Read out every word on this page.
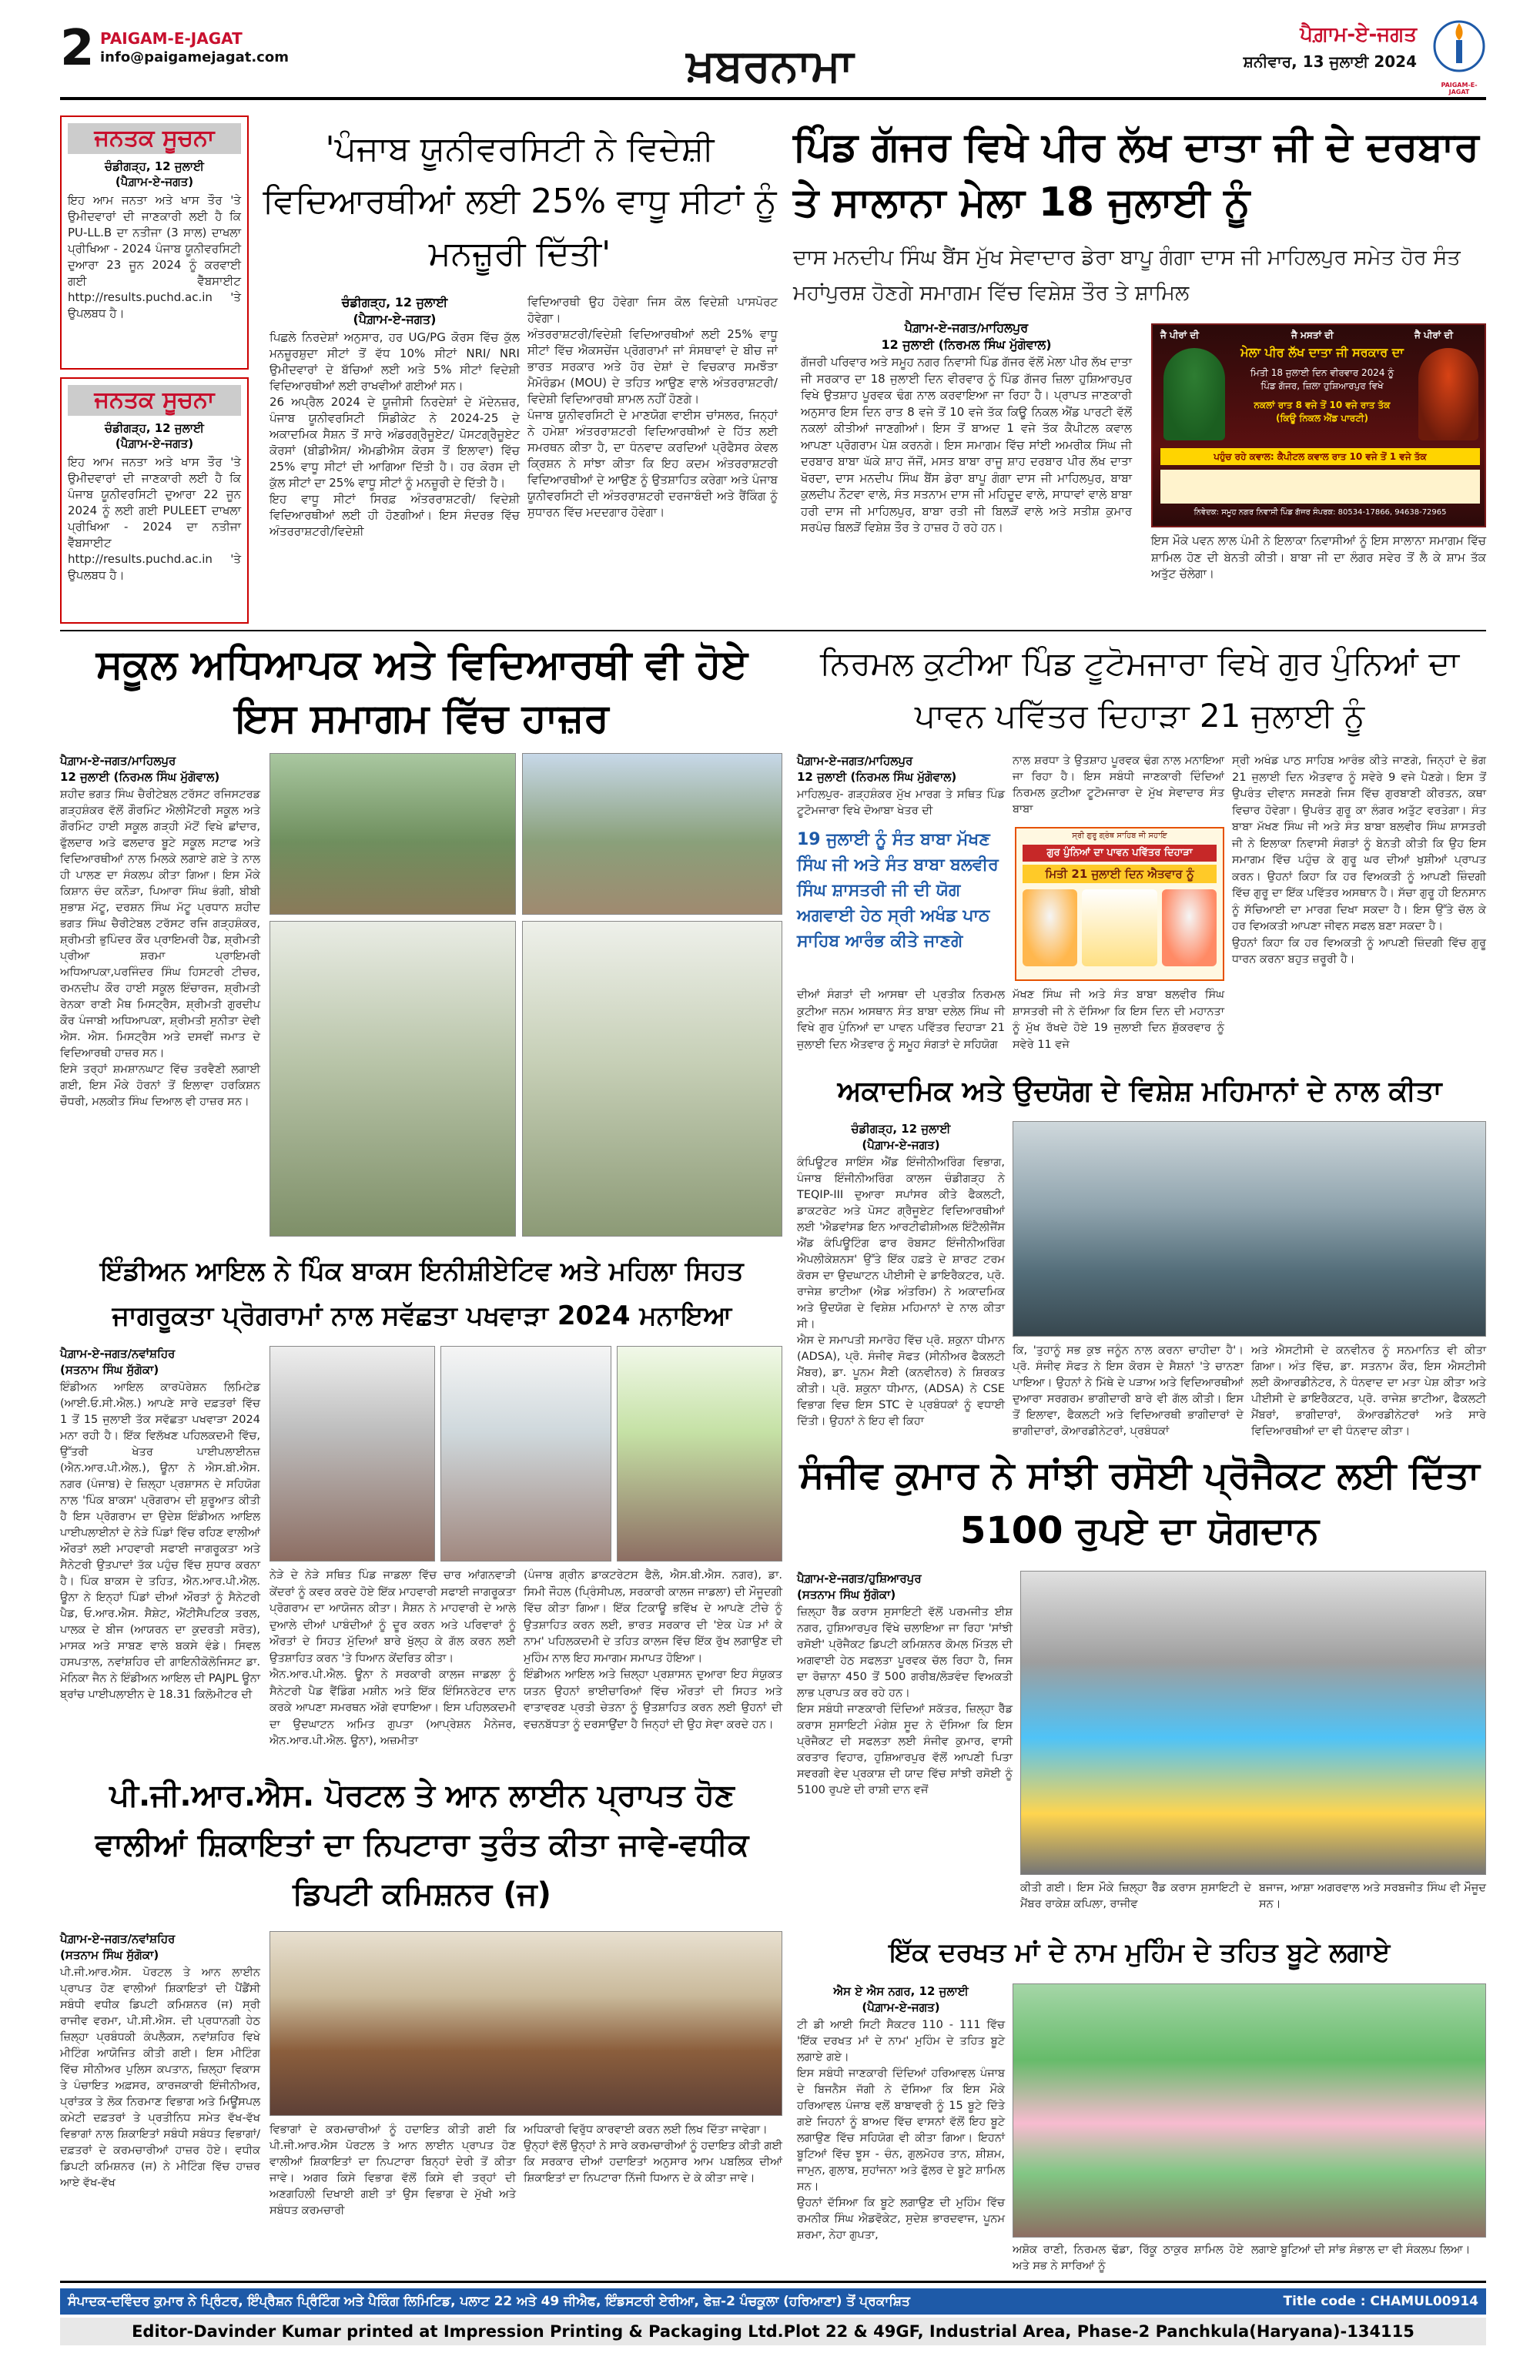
2 PAIGAM-E-JAGAT
info@paigamejagat.com	ਖ਼ਬਰਨਾਮਾ
ਪੈਗ਼ਾਮ-ਏ-ਜਗਤ
ਸ਼ਨੀਵਾਰ, 13 ਜੁਲਾਈ 2024
PAIGAM-E-JAGAT
ਜਨਤਕ ਸੂਚਨਾ
ਚੰਡੀਗੜ੍ਹ, 12 ਜੁਲਾਈ
(ਪੈਗ਼ਾਮ-ਏ-ਜਗਤ)
ਇਹ ਆਮ ਜਨਤਾ ਅਤੇ ਖਾਸ ਤੌਰ 'ਤੇ ਉਮੀਦਵਾਰਾਂ ਦੀ ਜਾਣਕਾਰੀ ਲਈ ਹੈ ਕਿ PU-LL.B ਦਾ ਨਤੀਜਾ (3 ਸਾਲ) ਦਾਖਲਾ ਪ੍ਰੀਖਿਆ - 2024 ਪੰਜਾਬ ਯੂਨੀਵਰਸਿਟੀ ਦੁਆਰਾ 23 ਜੂਨ 2024 ਨੂੰ ਕਰਵਾਈ ਗਈ ਵੈੱਬਸਾਈਟ http://results.puchd.ac.in 'ਤੇ ਉਪਲਬਧ ਹੈ।
ਜਨਤਕ ਸੂਚਨਾ
ਚੰਡੀਗੜ੍ਹ, 12 ਜੁਲਾਈ
(ਪੈਗ਼ਾਮ-ਏ-ਜਗਤ)
ਇਹ ਆਮ ਜਨਤਾ ਅਤੇ ਖਾਸ ਤੌਰ 'ਤੇ ਉਮੀਦਵਾਰਾਂ ਦੀ ਜਾਣਕਾਰੀ ਲਈ ਹੈ ਕਿ ਪੰਜਾਬ ਯੂਨੀਵਰਸਿਟੀ ਦੁਆਰਾ 22 ਜੂਨ 2024 ਨੂੰ ਲਈ ਗਈ PULEET ਦਾਖਲਾ ਪ੍ਰੀਖਿਆ - 2024 ਦਾ ਨਤੀਜਾ ਵੈੱਬਸਾਈਟ http://results.puchd.ac.in 'ਤੇ ਉਪਲਬਧ ਹੈ।
'ਪੰਜਾਬ ਯੂਨੀਵਰਸਿਟੀ ਨੇ ਵਿਦੇਸ਼ੀ ਵਿਦਿਆਰਥੀਆਂ ਲਈ 25% ਵਾਧੂ ਸੀਟਾਂ ਨੂੰ ਮਨਜ਼ੂਰੀ ਦਿੱਤੀ'
ਚੰਡੀਗੜ੍ਹ, 12 ਜੁਲਾਈ
(ਪੈਗ਼ਾਮ-ਏ-ਜਗਤ)
ਪਿਛਲੇ ਨਿਰਦੇਸ਼ਾਂ ਅਨੁਸਾਰ, ਹਰ UG/PG ਕੋਰਸ ਵਿੱਚ ਕੁੱਲ ਮਨਜ਼ੂਰਸ਼ੁਦਾ ਸੀਟਾਂ ਤੋਂ ਵੱਧ 10% ਸੀਟਾਂ NRI/ NRI ਉਮੀਦਵਾਰਾਂ ਦੇ ਬੱਚਿਆਂ ਲਈ ਅਤੇ 5% ਸੀਟਾਂ ਵਿਦੇਸ਼ੀ ਵਿਦਿਆਰਥੀਆਂ ਲਈ ਰਾਖਵੀਆਂ ਗਈਆਂ ਸਨ।
26 ਅਪ੍ਰੈਲ 2024 ਦੇ ਯੂਜੀਸੀ ਨਿਰਦੇਸ਼ਾਂ ਦੇ ਮੱਦੇਨਜ਼ਰ, ਪੰਜਾਬ ਯੂਨੀਵਰਸਿਟੀ ਸਿੰਡੀਕੇਟ ਨੇ 2024-25 ਦੇ ਅਕਾਦਮਿਕ ਸੈਸ਼ਨ ਤੋਂ ਸਾਰੇ ਅੰਡਰਗ੍ਰੈਜੂਏਟ/ ਪੋਸਟਗ੍ਰੈਜੂਏਟ ਕੋਰਸਾਂ (ਬੀਡੀਐਸ/ ਐਮਡੀਐਸ ਕੋਰਸ ਤੋਂ ਇਲਾਵਾ) ਵਿੱਚ 25% ਵਾਧੂ ਸੀਟਾਂ ਦੀ ਆਗਿਆ ਦਿੱਤੀ ਹੈ। ਹਰ ਕੋਰਸ ਦੀ ਕੁੱਲ ਸੀਟਾਂ ਦਾ 25% ਵਾਧੂ ਸੀਟਾਂ ਨੂੰ ਮਨਜ਼ੂਰੀ ਦੇ ਦਿੱਤੀ ਹੈ।
ਇਹ ਵਾਧੂ ਸੀਟਾਂ ਸਿਰਫ਼ ਅੰਤਰਰਾਸ਼ਟਰੀ/ ਵਿਦੇਸ਼ੀ ਵਿਦਿਆਰਥੀਆਂ ਲਈ ਹੀ ਹੋਣਗੀਆਂ। ਇਸ ਸੰਦਰਭ ਵਿੱਚ ਅੰਤਰਰਾਸ਼ਟਰੀ/ਵਿਦੇਸ਼ੀ
ਵਿਦਿਆਰਥੀ ਉਹ ਹੋਵੇਗਾ ਜਿਸ ਕੋਲ ਵਿਦੇਸ਼ੀ ਪਾਸਪੋਰਟ ਹੋਵੇਗਾ।
ਅੰਤਰਰਾਸ਼ਟਰੀ/ਵਿਦੇਸ਼ੀ ਵਿਦਿਆਰਥੀਆਂ ਲਈ 25% ਵਾਧੂ ਸੀਟਾਂ ਵਿੱਚ ਐਕਸਚੇਂਜ ਪ੍ਰੋਗਰਾਮਾਂ ਜਾਂ ਸੰਸਥਾਵਾਂ ਦੇ ਬੀਚ ਜਾਂ ਭਾਰਤ ਸਰਕਾਰ ਅਤੇ ਹੋਰ ਦੇਸ਼ਾਂ ਦੇ ਵਿਚਕਾਰ ਸਮਝੌਤਾ ਮੈਮੋਰੰਡਮ (MOU) ਦੇ ਤਹਿਤ ਆਉਣ ਵਾਲੇ ਅੰਤਰਰਾਸ਼ਟਰੀ/ਵਿਦੇਸ਼ੀ ਵਿਦਿਆਰਥੀ ਸ਼ਾਮਲ ਨਹੀਂ ਹੋਣਗੇ।
ਪੰਜਾਬ ਯੂਨੀਵਰਸਿਟੀ ਦੇ ਮਾਣਯੋਗ ਵਾਈਸ ਚਾਂਸਲਰ, ਜਿਨ੍ਹਾਂ ਨੇ ਹਮੇਸ਼ਾ ਅੰਤਰਰਾਸ਼ਟਰੀ ਵਿਦਿਆਰਥੀਆਂ ਦੇ ਹਿੱਤ ਲਈ ਸਮਰਥਨ ਕੀਤਾ ਹੈ, ਦਾ ਧੰਨਵਾਦ ਕਰਦਿਆਂ ਪ੍ਰੋਫੈਸਰ ਕੇਵਲ ਕ੍ਰਿਸ਼ਨ ਨੇ ਸਾਂਝਾ ਕੀਤਾ ਕਿ ਇਹ ਕਦਮ ਅੰਤਰਰਾਸ਼ਟਰੀ ਵਿਦਿਆਰਥੀਆਂ ਦੇ ਆਉਣ ਨੂੰ ਉਤਸ਼ਾਹਿਤ ਕਰੇਗਾ ਅਤੇ ਪੰਜਾਬ ਯੂਨੀਵਰਸਿਟੀ ਦੀ ਅੰਤਰਰਾਸ਼ਟਰੀ ਦਰਜਾਬੰਦੀ ਅਤੇ ਰੈਂਕਿੰਗ ਨੂੰ ਸੁਧਾਰਨ ਵਿੱਚ ਮਦਦਗਾਰ ਹੋਵੇਗਾ।
ਪਿੰਡ ਗੱਜਰ ਵਿਖੇ ਪੀਰ ਲੱਖ ਦਾਤਾ ਜੀ ਦੇ ਦਰਬਾਰ ਤੇ ਸਾਲਾਨਾ ਮੇਲਾ 18 ਜੁਲਾਈ ਨੂੰ
ਦਾਸ ਮਨਦੀਪ ਸਿੰਘ ਬੈਂਸ ਮੁੱਖ ਸੇਵਾਦਾਰ ਡੇਰਾ ਬਾਪੂ ਗੰਗਾ ਦਾਸ ਜੀ ਮਾਹਿਲਪੁਰ ਸਮੇਤ ਹੋਰ ਸੰਤ ਮਹਾਂਪੁਰਸ਼ ਹੋਣਗੇ ਸਮਾਗਮ ਵਿੱਚ ਵਿਸ਼ੇਸ਼ ਤੌਰ ਤੇ ਸ਼ਾਮਿਲ
ਪੈਗ਼ਾਮ-ਏ-ਜਗਤ/ਮਾਹਿਲਪੁਰ
12 ਜੁਲਾਈ (ਨਿਰਮਲ ਸਿੰਘ ਮੁੱਗੋਵਾਲ)
ਗੱਜਰੀ ਪਰਿਵਾਰ ਅਤੇ ਸਮੂਹ ਨਗਰ ਨਿਵਾਸੀ ਪਿੰਡ ਗੱਜਰ ਵੱਲੋਂ ਮੇਲਾ ਪੀਰ ਲੱਖ ਦਾਤਾ ਜੀ ਸਰਕਾਰ ਦਾ 18 ਜੁਲਾਈ ਦਿਨ ਵੀਰਵਾਰ ਨੂੰ ਪਿੰਡ ਗੱਜਰ ਜ਼ਿਲਾ ਹੁਸ਼ਿਆਰਪੁਰ ਵਿਖੇ ਉਤਸ਼ਾਹ ਪੂਰਵਕ ਢੰਗ ਨਾਲ ਕਰਵਾਇਆ ਜਾ ਰਿਹਾ ਹੈ। ਪ੍ਰਾਪਤ ਜਾਣਕਾਰੀ ਅਨੁਸਾਰ ਇਸ ਦਿਨ ਰਾਤ 8 ਵਜੇ ਤੋਂ 10 ਵਜੇ ਤੱਕ ਕਿਊ ਨਿਕਲ ਐਂਡ ਪਾਰਟੀ ਵੱਲੋਂ ਨਕਲਾਂ ਕੀਤੀਆਂ ਜਾਣਗੀਆਂ। ਇਸ ਤੋਂ ਬਾਅਦ 1 ਵਜੇ ਤੱਕ ਕੈਪੀਟਲ ਕਵਾਲ ਆਪਣਾ ਪ੍ਰੋਗਰਾਮ ਪੇਸ਼ ਕਰਨਗੇ। ਇਸ ਸਮਾਗਮ ਵਿੱਚ ਸਾਂਈ ਅਮਰੀਕ ਸਿੰਘ ਜੀ ਦਰਬਾਰ ਬਾਬਾ ਘੱਕੇ ਸ਼ਾਹ ਜੱਜੋਂ, ਮਸਤ ਬਾਬਾ ਰਾਜੂ ਸ਼ਾਹ ਦਰਬਾਰ ਪੀਰ ਲੱਖ ਦਾਤਾ ਖੋਰਦਾ, ਦਾਸ ਮਨਦੀਪ ਸਿੰਘ ਬੈਂਸ ਡੇਰਾ ਬਾਪੂ ਗੰਗਾ ਦਾਸ ਜੀ ਮਾਹਿਲਪੁਰ, ਬਾਬਾ ਕੁਲਦੀਪ ਨੌਟਵਾ ਵਾਲੇ, ਸੰਤ ਸਤਨਾਮ ਦਾਸ ਜੀ ਮਹਿਦੂਦ ਵਾਲੇ, ਸਾਧਾਵਾਂ ਵਾਲੇ ਬਾਬਾ ਹਰੀ ਦਾਸ ਜੀ ਮਾਹਿਲਪੁਰ, ਬਾਬਾ ਰਤੀ ਜੀ ਬਿਲੜੋਂ ਵਾਲੇ ਅਤੇ ਸਤੀਸ਼ ਕੁਮਾਰ ਸਰਪੰਚ ਬਿਲੜੋਂ ਵਿਸ਼ੇਸ਼ ਤੌਰ ਤੇ ਹਾਜ਼ਰ ਹੋ ਰਹੇ ਹਨ।
ਜੈ ਪੀਰਾਂ ਦੀ	ਜੈ ਮਸਤਾਂ ਦੀ	ਜੈ ਪੀਰਾਂ ਦੀ
ਮੇਲਾ ਪੀਰ ਲੱਖ ਦਾਤਾ ਜੀ ਸਰਕਾਰ ਦਾ
ਮਿਤੀ 18 ਜੁਲਾਈ ਦਿਨ ਵੀਰਵਾਰ 2024 ਨੂੰ
ਪਿੰਡ ਗੱਜਰ, ਜ਼ਿਲਾ ਹੁਸ਼ਿਆਰਪੁਰ ਵਿਖੇ
ਨਕਲਾਂ ਰਾਤ 8 ਵਜੇ ਤੋਂ 10 ਵਜੇ ਰਾਤ ਤੱਕ
(ਕਿਊ ਨਿਕਲ ਐਂਡ ਪਾਰਟੀ)
ਪਹੁੰਚ ਰਹੇ ਕਵਾਲ: ਕੈਪੀਟਲ ਕਵਾਲ ਰਾਤ 10 ਵਜੇ ਤੋਂ 1 ਵਜੇ ਤੱਕ
ਨਿਵੇਦਕ: ਸਮੂਹ ਨਗਰ ਨਿਵਾਸੀ ਪਿੰਡ ਗੱਜਰ ਸੰਪਰਕ: 80534-17866, 94638-72965
ਇਸ ਮੌਕੇ ਪਵਨ ਲਾਲ ਪੰਮੀ ਨੇ ਇਲਾਕਾ ਨਿਵਾਸੀਆਂ ਨੂੰ ਇਸ ਸਾਲਾਨਾ ਸਮਾਗਮ ਵਿੱਚ ਸ਼ਾਮਿਲ ਹੋਣ ਦੀ ਬੇਨਤੀ ਕੀਤੀ। ਬਾਬਾ ਜੀ ਦਾ ਲੰਗਰ ਸਵੇਰ ਤੋਂ ਲੈ ਕੇ ਸ਼ਾਮ ਤੱਕ ਅਤੁੱਟ ਚੱਲੇਗਾ।
ਸਕੂਲ ਅਧਿਆਪਕ ਅਤੇ ਵਿਦਿਆਰਥੀ ਵੀ ਹੋਏ ਇਸ ਸਮਾਗਮ ਵਿੱਚ ਹਾਜ਼ਰ
ਪੈਗ਼ਾਮ-ਏ-ਜਗਤ/ਮਾਹਿਲਪੁਰ
12 ਜੁਲਾਈ (ਨਿਰਮਲ ਸਿੰਘ ਮੁੱਗੋਵਾਲ)
ਸ਼ਹੀਦ ਭਗਤ ਸਿੰਘ ਚੈਰੀਟੇਬਲ ਟਰੱਸਟ ਰਜਿਸਟਰਡ ਗੜ੍ਹਸ਼ੰਕਰ ਵੱਲੋਂ ਗੌਰਮਿੰਟ ਐਲੀਮੈਂਟਰੀ ਸਕੂਲ ਅਤੇ ਗੌਰਮਿੰਟ ਹਾਈ ਸਕੂਲ ਗੜ੍ਹੀ ਮੱਟੋਂ ਵਿਖੇ ਛਾਂਦਾਰ, ਫੁੱਲਦਾਰ ਅਤੇ ਫਲਦਾਰ ਬੂਟੇ ਸਕੂਲ ਸਟਾਫ ਅਤੇ ਵਿਦਿਆਰਥੀਆਂ ਨਾਲ ਮਿਲਕੇ ਲਗਾਏ ਗਏ ਤੇ ਨਾਲ ਹੀ ਪਾਲਣ ਦਾ ਸੰਕਲਪ ਕੀਤਾ ਗਿਆ। ਇਸ ਮੌਕੇ ਕਿਸ਼ਾਨ ਚੰਦ ਕਨੌੜਾ, ਪਿਆਰਾ ਸਿੰਘ ਭੰਗੀ, ਬੀਬੀ ਸੁਭਾਸ਼ ਮੱਟੂ, ਦਰਸ਼ਨ ਸਿੰਘ ਮੱਟੂ ਪ੍ਰਧਾਨ ਸ਼ਹੀਦ ਭਗਤ ਸਿੰਘ ਚੈਰੀਟੇਬਲ ਟਰੱਸਟ ਰਜਿ ਗੜ੍ਹਸ਼ੰਕਰ, ਸ਼੍ਰੀਮਤੀ ਭੁਪਿੰਦਰ ਕੌਰ ਪ੍ਰਾਇਮਰੀ ਹੈਡ, ਸ਼੍ਰੀਮਤੀ ਪ੍ਰੀਆ ਸ਼ਰਮਾ ਪ੍ਰਾਇਮਰੀ ਅਧਿਆਪਕਾ,ਪਰਜਿੰਦਰ ਸਿੰਘ ਹਿਸਟਰੀ ਟੀਚਰ, ਰਮਨਦੀਪ ਕੌਰ ਹਾਈ ਸਕੂਲ ਇੰਚਾਰਜ, ਸ਼੍ਰੀਮਤੀ ਰੇਨਕਾ ਰਾਣੀ ਮੈਥ ਮਿਸਟ੍ਰੈਸ, ਸ਼੍ਰੀਮਤੀ ਗੁਰਦੀਪ ਕੌਰ ਪੰਜਾਬੀ ਅਧਿਆਪਕਾ, ਸ਼੍ਰੀਮਤੀ ਸੁਨੀਤਾ ਦੇਵੀ ਐਸ. ਐਸ. ਮਿਸਟ੍ਰੈਸ ਅਤੇ ਦਸਵੀਂ ਜਮਾਤ ਦੇ ਵਿਦਿਆਰਥੀ ਹਾਜ਼ਰ ਸਨ।
ਇਸੇ ਤਰ੍ਹਾਂ ਸ਼ਮਸ਼ਾਨਘਾਟ ਵਿੱਚ ਤਰਵੈਣੀ ਲਗਾਈ ਗਈ, ਇਸ ਮੌਕੇ ਹੋਰਨਾਂ ਤੋਂ ਇਲਾਵਾ ਹਰਕਿਸ਼ਨ ਚੌਧਰੀ, ਮਲਕੀਤ ਸਿੰਘ ਦਿਆਲ ਵੀ ਹਾਜ਼ਰ ਸਨ।
ਨਿਰਮਲ ਕੁਟੀਆ ਪਿੰਡ ਟੂਟੋਮਜਾਰਾ ਵਿਖੇ ਗੁਰ ਪੁੰਨਿਆਂ ਦਾ ਪਾਵਨ ਪਵਿੱਤਰ ਦਿਹਾੜਾ 21 ਜੁਲਾਈ ਨੂੰ
ਪੈਗ਼ਾਮ-ਏ-ਜਗਤ/ਮਾਹਿਲਪੁਰ
12 ਜੁਲਾਈ (ਨਿਰਮਲ ਸਿੰਘ ਮੁੱਗੋਵਾਲ)
ਮਾਹਿਲਪੁਰ- ਗੜ੍ਹਸ਼ੰਕਰ ਮੁੱਖ ਮਾਰਗ ਤੇ ਸਥਿਤ ਪਿੰਡ ਟੂਟੋਮਜਾਰਾ ਵਿਖੇ ਦੋਆਬਾ ਖੇਤਰ ਦੀ
ਨਾਲ ਸ਼ਰਧਾ ਤੇ ਉਤਸ਼ਾਹ ਪੂਰਵਕ ਢੰਗ ਨਾਲ ਮਨਾਇਆ ਜਾ ਰਿਹਾ ਹੈ। ਇਸ ਸਬੰਧੀ ਜਾਣਕਾਰੀ ਦਿੰਦਿਆਂ ਨਿਰਮਲ ਕੁਟੀਆ ਟੂਟੋਮਜਾਰਾ ਦੇ ਮੁੱਖ ਸੇਵਾਦਾਰ ਸੰਤ ਬਾਬਾ
ਸ੍ਰੀ ਅਖੰਡ ਪਾਠ ਸਾਹਿਬ ਆਰੰਭ ਕੀਤੇ ਜਾਣਗੇ, ਜਿਨ੍ਹਾਂ ਦੇ ਭੋਗ 21 ਜੁਲਾਈ ਦਿਨ ਐਤਵਾਰ ਨੂੰ ਸਵੇਰੇ 9 ਵਜੇ ਪੈਣਗੇ। ਇਸ ਤੋਂ ਉਪਰੰਤ ਦੀਵਾਨ ਸਜਣਗੇ ਜਿਸ ਵਿੱਚ ਗੁਰਬਾਣੀ ਕੀਰਤਨ, ਕਥਾ ਵਿਚਾਰ ਹੋਵੇਗਾ। ਉਪਰੰਤ ਗੁਰੂ ਕਾ ਲੰਗਰ ਅਤੁੱਟ ਵਰਤੇਗਾ। ਸੰਤ ਬਾਬਾ ਮੱਖਣ ਸਿੰਘ ਜੀ ਅਤੇ ਸੰਤ ਬਾਬਾ ਬਲਵੀਰ ਸਿੰਘ ਸ਼ਾਸਤਰੀ ਜੀ ਨੇ ਇਲਾਕਾ ਨਿਵਾਸੀ ਸੰਗਤਾਂ ਨੂੰ ਬੇਨਤੀ ਕੀਤੀ ਕਿ ਉਹ ਇਸ ਸਮਾਗਮ ਵਿੱਚ ਪਹੁੰਚ ਕੇ ਗੁਰੂ ਘਰ ਦੀਆਂ ਖੁਸ਼ੀਆਂ ਪ੍ਰਾਪਤ ਕਰਨ। ਉਹਨਾਂ ਕਿਹਾ ਕਿ ਹਰ ਵਿਅਕਤੀ ਨੂੰ ਆਪਣੀ ਜ਼ਿੰਦਗੀ ਵਿੱਚ ਗੁਰੂ ਦਾ ਇੱਕ ਪਵਿੱਤਰ ਅਸਥਾਨ ਹੈ। ਸੱਚਾ ਗੁਰੂ ਹੀ ਇਨਸਾਨ ਨੂੰ ਸੱਚਿਆਈ ਦਾ ਮਾਰਗ ਦਿਖਾ ਸਕਦਾ ਹੈ। ਇਸ ਉੱਤੇ ਚੱਲ ਕੇ ਹਰ ਵਿਅਕਤੀ ਆਪਣਾ ਜੀਵਨ ਸਫਲ ਬਣਾ ਸਕਦਾ ਹੈ।
ਉਹਨਾਂ ਕਿਹਾ ਕਿ ਹਰ ਵਿਅਕਤੀ ਨੂੰ ਆਪਣੀ ਜ਼ਿੰਦਗੀ ਵਿੱਚ ਗੁਰੂ ਧਾਰਨ ਕਰਨਾ ਬਹੁਤ ਜ਼ਰੂਰੀ ਹੈ।
19 ਜੁਲਾਈ ਨੂੰ ਸੰਤ ਬਾਬਾ ਮੱਖਣ ਸਿੰਘ ਜੀ ਅਤੇ ਸੰਤ ਬਾਬਾ ਬਲਵੀਰ ਸਿੰਘ ਸ਼ਾਸਤਰੀ ਜੀ ਦੀ ਯੋਗ ਅਗਵਾਈ ਹੇਠ ਸ੍ਰੀ ਅਖੰਡ ਪਾਠ ਸਾਹਿਬ ਆਰੰਭ ਕੀਤੇ ਜਾਣਗੇ
ਸ੍ਰੀ ਗੁਰੂ ਗ੍ਰੰਥ ਸਾਹਿਬ ਜੀ ਸਹਾਇ
ਗੁਰ ਪੁੰਨਿਆਂ ਦਾ ਪਾਵਨ ਪਵਿੱਤਰ ਦਿਹਾੜਾ
ਮਿਤੀ 21 ਜੁਲਾਈ ਦਿਨ ਐਤਵਾਰ ਨੂੰ
ਦੀਆਂ ਸੰਗਤਾਂ ਦੀ ਆਸਥਾ ਦੀ ਪ੍ਰਤੀਕ ਨਿਰਮਲ ਕੁਟੀਆ ਜਨਮ ਅਸਥਾਨ ਸੰਤ ਬਾਬਾ ਦਲੇਲ ਸਿੰਘ ਜੀ ਵਿਖੇ ਗੁਰ ਪੁੰਨਿਆਂ ਦਾ ਪਾਵਨ ਪਵਿੱਤਰ ਦਿਹਾੜਾ 21 ਜੁਲਾਈ ਦਿਨ ਐਤਵਾਰ ਨੂੰ ਸਮੂਹ ਸੰਗਤਾਂ ਦੇ ਸਹਿਯੋਗ
ਮੱਖਣ ਸਿੰਘ ਜੀ ਅਤੇ ਸੰਤ ਬਾਬਾ ਬਲਵੀਰ ਸਿੰਘ ਸ਼ਾਸਤਰੀ ਜੀ ਨੇ ਦੱਸਿਆ ਕਿ ਇਸ ਦਿਨ ਦੀ ਮਹਾਨਤਾ ਨੂੰ ਮੁੱਖ ਰੱਖਦੇ ਹੋਏ 19 ਜੁਲਾਈ ਦਿਨ ਸ਼ੁੱਕਰਵਾਰ ਨੂੰ ਸਵੇਰੇ 11 ਵਜੇ
ਅਕਾਦਮਿਕ ਅਤੇ ਉਦਯੋਗ ਦੇ ਵਿਸ਼ੇਸ਼ ਮਹਿਮਾਨਾਂ ਦੇ ਨਾਲ ਕੀਤਾ
ਚੰਡੀਗੜ੍ਹ, 12 ਜੁਲਾਈ
(ਪੈਗ਼ਾਮ-ਏ-ਜਗਤ)
ਕੰਪਿਊਟਰ ਸਾਇੰਸ ਐਂਡ ਇੰਜੀਨੀਅਰਿੰਗ ਵਿਭਾਗ, ਪੰਜਾਬ ਇੰਜੀਨੀਅਰਿੰਗ ਕਾਲਜ ਚੰਡੀਗੜ੍ਹ ਨੇ TEQIP-III ਦੁਆਰਾ ਸਪਾਂਸਰ ਕੀਤੇ ਫੈਕਲਟੀ, ਡਾਕਟਰੇਟ ਅਤੇ ਪੋਸਟ ਗ੍ਰੈਜੂਏਟ ਵਿਦਿਆਰਥੀਆਂ ਲਈ 'ਐਡਵਾਂਸਡ ਇਨ ਆਰਟੀਫੀਸ਼ੀਅਲ ਇੰਟੈਲੀਜੈਂਸ ਐਂਡ ਕੰਪਿਊਟਿੰਗ ਫਾਰ ਰੋਬਸਟ ਇੰਜੀਨੀਅਰਿੰਗ ਐਪਲੀਕੇਸ਼ਨਸ' ਉੱਤੇ ਇੱਕ ਹਫ਼ਤੇ ਦੇ ਸ਼ਾਰਟ ਟਰਮ ਕੋਰਸ ਦਾ ਉਦਘਾਟਨ ਪੀਈਸੀ ਦੇ ਡਾਇਰੈਕਟਰ, ਪ੍ਰੋ. ਰਾਜੇਸ਼ ਭਾਟੀਆ (ਐਡ ਅੰਤਰਿਮ) ਨੇ ਅਕਾਦਮਿਕ ਅਤੇ ਉਦਯੋਗ ਦੇ ਵਿਸ਼ੇਸ਼ ਮਹਿਮਾਨਾਂ ਦੇ ਨਾਲ ਕੀਤਾ ਸੀ।
ਐਸ ਦੇ ਸਮਾਪਤੀ ਸਮਾਰੋਹ ਵਿੱਚ ਪ੍ਰੋ. ਸ਼ਕੁਨਾ ਧੀਮਾਨ (ADSA), ਪ੍ਰੋ. ਸੰਜੀਵ ਸੋਫਤ (ਸੀਨੀਅਰ ਫੈਕਲਟੀ ਮੈਂਬਰ), ਡਾ. ਪੂਨਮ ਸੈਣੀ (ਕਨਵੀਨਰ) ਨੇ ਸ਼ਿਰਕਤ ਕੀਤੀ। ਪ੍ਰੋ. ਸ਼ਕੁਨਾ ਧੀਮਾਨ, (ADSA) ਨੇ CSE ਵਿਭਾਗ ਵਿਚ ਇਸ STC ਦੇ ਪ੍ਰਬੰਧਕਾਂ ਨੂੰ ਵਧਾਈ ਦਿੱਤੀ। ਉਹਨਾਂ ਨੇ ਇਹ ਵੀ ਕਿਹਾ
ਕਿ, 'ਤੁਹਾਨੂੰ ਸਭ ਕੁਝ ਜਨੂੰਨ ਨਾਲ ਕਰਨਾ ਚਾਹੀਦਾ ਹੈ'। ਪ੍ਰੋ. ਸੰਜੀਵ ਸੋਫਤ ਨੇ ਇਸ ਕੋਰਸ ਦੇ ਸੈਸ਼ਨਾਂ 'ਤੇ ਚਾਨਣਾ ਪਾਇਆ। ਉਹਨਾਂ ਨੇ ਮਿੱਥੇ ਦੇ ਪੜਾਅ ਅਤੇ ਵਿਦਿਆਰਥੀਆਂ ਦੁਆਰਾ ਸਰਗਰਮ ਭਾਗੀਦਾਰੀ ਬਾਰੇ ਵੀ ਗੱਲ ਕੀਤੀ। ਇਸ ਤੋਂ ਇਲਾਵਾ, ਫੈਕਲਟੀ ਅਤੇ ਵਿਦਿਆਰਥੀ ਭਾਗੀਦਾਰਾਂ ਦੇ ਭਾਗੀਦਾਰਾਂ, ਕੋਆਰਡੀਨੇਟਰਾਂ, ਪ੍ਰਬੰਧਕਾਂ
ਅਤੇ ਐਸਟੀਸੀ ਦੇ ਕਨਵੀਨਰ ਨੂੰ ਸਨਮਾਨਿਤ ਵੀ ਕੀਤਾ ਗਿਆ। ਅੰਤ ਵਿੱਚ, ਡਾ. ਸਤਨਾਮ ਕੌਰ, ਇਸ ਐਸਟੀਸੀ ਲਈ ਕੋਆਰਡੀਨੇਟਰ, ਨੇ ਧੰਨਵਾਦ ਦਾ ਮਤਾ ਪੇਸ਼ ਕੀਤਾ ਅਤੇ ਪੀਈਸੀ ਦੇ ਡਾਇਰੈਕਟਰ, ਪ੍ਰੋ. ਰਾਜੇਸ਼ ਭਾਟੀਆ, ਫੈਕਲਟੀ ਮੈਂਬਰਾਂ, ਭਾਗੀਦਾਰਾਂ, ਕੋਆਰਡੀਨੇਟਰਾਂ ਅਤੇ ਸਾਰੇ ਵਿਦਿਆਰਥੀਆਂ ਦਾ ਵੀ ਧੰਨਵਾਦ ਕੀਤਾ।
ਇੰਡੀਅਨ ਆਇਲ ਨੇ ਪਿੰਕ ਬਾਕਸ ਇਨੀਸ਼ੀਏਟਿਵ ਅਤੇ ਮਹਿਲਾ ਸਿਹਤ ਜਾਗਰੂਕਤਾ ਪ੍ਰੋਗਰਾਮਾਂ ਨਾਲ ਸਵੱਛਤਾ ਪਖਵਾੜਾ 2024 ਮਨਾਇਆ
ਪੈਗ਼ਾਮ-ਏ-ਜਗਤ/ਨਵਾਂਸ਼ਹਿਰ
(ਸਤਨਾਮ ਸਿੰਘ ਸੁੱਗੋਕਾ)
ਇੰਡੀਅਨ ਆਇਲ ਕਾਰਪੋਰੇਸ਼ਨ ਲਿਮਿਟੇਡ (ਆਈ.ਓ.ਸੀ.ਐਲ.) ਆਪਣੇ ਸਾਰੇ ਦਫ਼ਤਰਾਂ ਵਿੱਚ 1 ਤੋਂ 15 ਜੁਲਾਈ ਤੱਕ ਸਵੱਛਤਾ ਪਖਵਾੜਾ 2024 ਮਨਾ ਰਹੀ ਹੈ। ਇੱਕ ਵਿਲੱਖਣ ਪਹਿਲਕਦਮੀ ਵਿੱਚ, ਉੱਤਰੀ ਖੇਤਰ ਪਾਈਪਲਾਈਨਜ਼ (ਐਨ.ਆਰ.ਪੀ.ਐਲ.), ਊਨਾ ਨੇ ਐਸ.ਬੀ.ਐਸ. ਨਗਰ (ਪੰਜਾਬ) ਦੇ ਜ਼ਿਲ੍ਹਾ ਪ੍ਰਸ਼ਾਸਨ ਦੇ ਸਹਿਯੋਗ ਨਾਲ 'ਪਿੰਕ ਬਾਕਸ' ਪ੍ਰੋਗਰਾਮ ਦੀ ਸ਼ੁਰੂਆਤ ਕੀਤੀ ਹੈ ਇਸ ਪ੍ਰੋਗਰਾਮ ਦਾ ਉਦੇਸ਼ ਇੰਡੀਅਨ ਆਇਲ ਪਾਈਪਲਾਈਨਾਂ ਦੇ ਨੇੜੇ ਪਿੰਡਾਂ ਵਿੱਚ ਰਹਿਣ ਵਾਲੀਆਂ ਔਰਤਾਂ ਲਈ ਮਾਹਵਾਰੀ ਸਫਾਈ ਜਾਗਰੂਕਤਾ ਅਤੇ ਸੈਨੇਟਰੀ ਉਤਪਾਦਾਂ ਤੱਕ ਪਹੁੰਚ ਵਿੱਚ ਸੁਧਾਰ ਕਰਨਾ ਹੈ। ਪਿੰਕ ਬਾਕਸ ਦੇ ਤਹਿਤ, ਐਨ.ਆਰ.ਪੀ.ਐਲ. ਊਨਾ ਨੇ ਇਨ੍ਹਾਂ ਪਿੰਡਾਂ ਦੀਆਂ ਔਰਤਾਂ ਨੂੰ ਸੈਨੇਟਰੀ ਪੈਡ, ਓ.ਆਰ.ਐਸ. ਸੈਸ਼ੇਟ, ਐਂਟੀਸੈਪਟਿਕ ਤਰਲ, ਪਾਲਕ ਦੇ ਬੀਜ (ਆਯਰਨ ਦਾ ਕੁਦਰਤੀ ਸਰੋਤ), ਮਾਸਕ ਅਤੇ ਸਾਬਣ ਵਾਲੇ ਬਕਸੇ ਵੰਡੇ। ਸਿਵਲ ਹਸਪਤਾਲ, ਨਵਾਂਸ਼ਹਿਰ ਦੀ ਗਾਇਨੀਕੋਲੋਜਿਸਟ ਡਾ. ਮੋਨਿਕਾ ਜੈਨ ਨੇ ਇੰਡੀਅਨ ਆਇਲ ਦੀ PAJPL ਊਨਾ ਬ੍ਰਾਂਚ ਪਾਈਪਲਾਈਨ ਦੇ 18.31 ਕਿਲੋਮੀਟਰ ਦੀ
ਨੇੜੇ ਦੇ ਨੇੜੇ ਸਥਿਤ ਪਿੰਡ ਜਾਡਲਾ ਵਿੱਚ ਚਾਰ ਆਂਗਨਵਾੜੀ ਕੇਂਦਰਾਂ ਨੂੰ ਕਵਰ ਕਰਦੇ ਹੋਏ ਇੱਕ ਮਾਹਵਾਰੀ ਸਫਾਈ ਜਾਗਰੂਕਤਾ ਪ੍ਰੋਗਰਾਮ ਦਾ ਆਯੋਜਨ ਕੀਤਾ। ਸੈਸ਼ਨ ਨੇ ਮਾਹਵਾਰੀ ਦੇ ਆਲੇ ਦੁਆਲੇ ਦੀਆਂ ਪਾਬੰਦੀਆਂ ਨੂੰ ਦੂਰ ਕਰਨ ਅਤੇ ਪਰਿਵਾਰਾਂ ਨੂੰ ਔਰਤਾਂ ਦੇ ਸਿਹਤ ਮੁੱਦਿਆਂ ਬਾਰੇ ਖੁੱਲ੍ਹ ਕੇ ਗੱਲ ਕਰਨ ਲਈ ਉਤਸ਼ਾਹਿਤ ਕਰਨ 'ਤੇ ਧਿਆਨ ਕੇਂਦਰਿਤ ਕੀਤਾ।
ਐਨ.ਆਰ.ਪੀ.ਐਲ. ਊਨਾ ਨੇ ਸਰਕਾਰੀ ਕਾਲਜ ਜਾਡਲਾ ਨੂੰ ਸੈਨੇਟਰੀ ਪੈਡ ਵੈਂਡਿੰਗ ਮਸ਼ੀਨ ਅਤੇ ਇੱਕ ਇੰਸਿਨਰੇਟਰ ਦਾਨ ਕਰਕੇ ਆਪਣਾ ਸਮਰਥਨ ਅੱਗੇ ਵਧਾਇਆ। ਇਸ ਪਹਿਲਕਦਮੀ ਦਾ ਉਦਘਾਟਨ ਅਮਿਤ ਗੁਪਤਾ (ਆਪ੍ਰੇਸ਼ਨ ਮੈਨੇਜਰ, ਐਨ.ਆਰ.ਪੀ.ਐਲ. ਊਨਾ), ਅਜ਼ਮੀਤਾ
(ਪੰਜਾਬ ਗ੍ਰੀਨ ਡਾਕਟਰੇਟਸ ਫੈਲੋ, ਐਸ.ਬੀ.ਐਸ. ਨਗਰ), ਡਾ. ਸਿਮੀ ਜੌਹਲ (ਪ੍ਰਿੰਸੀਪਲ, ਸਰਕਾਰੀ ਕਾਲਜ ਜਾਡਲਾ) ਦੀ ਮੌਜੂਦਗੀ ਵਿੱਚ ਕੀਤਾ ਗਿਆ। ਇੱਕ ਟਿਕਾਊ ਭਵਿੱਖ ਦੇ ਆਪਣੇ ਟੀਚੇ ਨੂੰ ਉਤਸ਼ਾਹਿਤ ਕਰਨ ਲਈ, ਭਾਰਤ ਸਰਕਾਰ ਦੀ 'ਏਕ ਪੇੜ ਮਾਂ ਕੇ ਨਾਮ' ਪਹਿਲਕਦਮੀ ਦੇ ਤਹਿਤ ਕਾਲਜ ਵਿੱਚ ਇੱਕ ਰੁੱਖ ਲਗਾਉਣ ਦੀ ਮੁਹਿੰਮ ਨਾਲ ਇਹ ਸਮਾਗਮ ਸਮਾਪਤ ਹੋਇਆ।
ਇੰਡੀਅਨ ਆਇਲ ਅਤੇ ਜ਼ਿਲ੍ਹਾ ਪ੍ਰਸ਼ਾਸਨ ਦੁਆਰਾ ਇਹ ਸੰਯੁਕਤ ਯਤਨ ਉਹਨਾਂ ਭਾਈਚਾਰਿਆਂ ਵਿੱਚ ਔਰਤਾਂ ਦੀ ਸਿਹਤ ਅਤੇ ਵਾਤਾਵਰਣ ਪ੍ਰਤੀ ਚੇਤਨਾ ਨੂੰ ਉਤਸ਼ਾਹਿਤ ਕਰਨ ਲਈ ਉਹਨਾਂ ਦੀ ਵਚਨਬੱਧਤਾ ਨੂੰ ਦਰਸਾਉਂਦਾ ਹੈ ਜਿਨ੍ਹਾਂ ਦੀ ਉਹ ਸੇਵਾ ਕਰਦੇ ਹਨ।
ਸੰਜੀਵ ਕੁਮਾਰ ਨੇ ਸਾਂਝੀ ਰਸੋਈ ਪ੍ਰੋਜੈਕਟ ਲਈ ਦਿੱਤਾ 5100 ਰੁਪਏ ਦਾ ਯੋਗਦਾਨ
ਪੈਗ਼ਾਮ-ਏ-ਜਗਤ/ਹੁਸ਼ਿਆਰਪੁਰ
(ਸਤਨਾਮ ਸਿੰਘ ਸੁੱਗੋਕਾ)
ਜ਼ਿਲ੍ਹਾ ਰੈੱਡ ਕਰਾਸ ਸੁਸਾਇਟੀ ਵੱਲੋਂ ਪਰਮਜੀਤ ਈਸ਼ ਨਗਰ, ਹੁਸ਼ਿਆਰਪੁਰ ਵਿੱਖੇ ਚਲਾਇਆ ਜਾ ਰਿਹਾ 'ਸਾਂਝੀ ਰਸੋਈ' ਪ੍ਰੋਜੈਕਟ ਡਿਪਟੀ ਕਮਿਸ਼ਨਰ ਕੋਮਲ ਮਿੱਤਲ ਦੀ ਅਗਵਾਈ ਹੇਠ ਸਫਲਤਾ ਪੂਰਵਕ ਚੱਲ ਰਿਹਾ ਹੈ, ਜਿਸ ਦਾ ਰੋਜ਼ਾਨਾ 450 ਤੋਂ 500 ਗਰੀਬ/ਲੋੜਵੰਦ ਵਿਅਕਤੀ ਲਾਭ ਪ੍ਰਾਪਤ ਕਰ ਰਹੇ ਹਨ।
ਇਸ ਸਬੰਧੀ ਜਾਣਕਾਰੀ ਦਿੰਦਿਆਂ ਸਕੱਤਰ, ਜ਼ਿਲ੍ਹਾ ਰੈੱਡ ਕਰਾਸ ਸੁਸਾਇਟੀ ਮੰਗੇਸ਼ ਸੂਦ ਨੇ ਦੱਸਿਆ ਕਿ ਇਸ ਪ੍ਰੋਜੈਕਟ ਦੀ ਸਫਲਤਾ ਲਈ ਸੰਜੀਵ ਕੁਮਾਰ, ਵਾਸੀ ਕਰਤਾਰ ਵਿਹਾਰ, ਹੁਸ਼ਿਆਰਪੁਰ ਵੱਲੋਂ ਆਪਣੀ ਪਿਤਾ ਸਵਰਗੀ ਵੇਦ ਪ੍ਰਕਾਸ਼ ਦੀ ਯਾਦ ਵਿੱਚ ਸਾਂਝੀ ਰਸੋਈ ਨੂੰ 5100 ਰੁਪਏ ਦੀ ਰਾਸ਼ੀ ਦਾਨ ਵਜੋਂ
ਕੀਤੀ ਗਈ। ਇਸ ਮੌਕੇ ਜ਼ਿਲ੍ਹਾ ਰੈੱਡ ਕਰਾਸ ਸੁਸਾਇਟੀ ਦੇ ਮੈਂਬਰ ਰਾਕੇਸ਼ ਕਪਿਲਾ, ਰਾਜੀਵ
ਬਜਾਜ, ਆਸ਼ਾ ਅਗਰਵਾਲ ਅਤੇ ਸਰਬਜੀਤ ਸਿੰਘ ਵੀ ਮੌਜੂਦ ਸਨ।
ਪੀ.ਜੀ.ਆਰ.ਐਸ. ਪੋਰਟਲ ਤੇ ਆਨ ਲਾਈਨ ਪ੍ਰਾਪਤ ਹੋਣ ਵਾਲੀਆਂ ਸ਼ਿਕਾਇਤਾਂ ਦਾ ਨਿਪਟਾਰਾ ਤੁਰੰਤ ਕੀਤਾ ਜਾਵੇ-ਵਧੀਕ ਡਿਪਟੀ ਕਮਿਸ਼ਨਰ (ਜ)
ਪੈਗ਼ਾਮ-ਏ-ਜਗਤ/ਨਵਾਂਸ਼ਹਿਰ
(ਸਤਨਾਮ ਸਿੰਘ ਸੁੱਗੋਕਾ)
ਪੀ.ਜੀ.ਆਰ.ਐਸ. ਪੋਰਟਲ ਤੇ ਆਨ ਲਾਈਨ ਪ੍ਰਾਪਤ ਹੋਣ ਵਾਲੀਆਂ ਸ਼ਿਕਾਇਤਾਂ ਦੀ ਪੈਂਡੈਂਸੀ ਸਬੰਧੀ ਵਧੀਕ ਡਿਪਟੀ ਕਮਿਸ਼ਨਰ (ਜ) ਸ੍ਰੀ ਰਾਜੀਵ ਵਰਮਾ, ਪੀ.ਸੀ.ਐਸ. ਦੀ ਪ੍ਰਧਾਨਗੀ ਹੇਠ ਜ਼ਿਲ੍ਹਾ ਪ੍ਰਬੰਧਕੀ ਕੰਪਲੈਕਸ, ਨਵਾਂਸ਼ਹਿਰ ਵਿਖੇ ਮੀਟਿੰਗ ਆਯੋਜਿਤ ਕੀਤੀ ਗਈ। ਇਸ ਮੀਟਿੰਗ ਵਿੱਚ ਸੀਨੀਅਰ ਪੁਲਿਸ ਕਪਤਾਨ, ਜ਼ਿਲ੍ਹਾ ਵਿਕਾਸ ਤੇ ਪੰਚਾਇਤ ਅਫ਼ਸਰ, ਕਾਰਜਕਾਰੀ ਇੰਜੀਨੀਅਰ, ਪ੍ਰਾਂਤਕ ਤੇ ਲੋਕ ਨਿਰਮਾਣ ਵਿਭਾਗ ਅਤੇ ਮਿਊਂਸਪਲ ਕਮੇਟੀ ਦਫ਼ਤਰਾਂ ਤੇ ਪ੍ਰਤੀਨਿਧ ਸਮੇਤ ਵੱਖ-ਵੱਖ ਵਿਭਾਗਾਂ ਨਾਲ ਸ਼ਿਕਾਇਤਾਂ ਸਬੰਧੀ ਸਬੰਧਤ ਵਿਭਾਗਾਂ/ਦਫ਼ਤਰਾਂ ਦੇ ਕਰਮਚਾਰੀਆਂ ਹਾਜ਼ਰ ਹੋਏ। ਵਧੀਕ ਡਿਪਟੀ ਕਮਿਸ਼ਨਰ (ਜ) ਨੇ ਮੀਟਿੰਗ ਵਿੱਚ ਹਾਜ਼ਰ ਆਏ ਵੱਖ-ਵੱਖ
ਵਿਭਾਗਾਂ ਦੇ ਕਰਮਚਾਰੀਆਂ ਨੂੰ ਹਦਾਇਤ ਕੀਤੀ ਗਈ ਕਿ ਪੀ.ਜੀ.ਆਰ.ਐਸ ਪੋਰਟਲ ਤੇ ਆਨ ਲਾਈਨ ਪ੍ਰਾਪਤ ਹੋਣ ਵਾਲੀਆਂ ਸ਼ਿਕਾਇਤਾਂ ਦਾ ਨਿਪਟਾਰਾ ਬਿਨ੍ਹਾਂ ਦੇਰੀ ਤੋਂ ਕੀਤਾ ਜਾਵੇ। ਅਗਰ ਕਿਸੇ ਵਿਭਾਗ ਵੱਲੋਂ ਕਿਸੇ ਵੀ ਤਰ੍ਹਾਂ ਦੀ ਅਣਗਹਿਲੀ ਦਿਖਾਈ ਗਈ ਤਾਂ ਉਸ ਵਿਭਾਗ ਦੇ ਮੁੱਖੀ ਅਤੇ ਸਬੰਧਤ ਕਰਮਚਾਰੀ
ਅਧਿਕਾਰੀ ਵਿਰੁੱਧ ਕਾਰਵਾਈ ਕਰਨ ਲਈ ਲਿਖ ਦਿੱਤਾ ਜਾਵੇਗਾ।
ਉਨ੍ਹਾਂ ਵੱਲੋਂ ਉਨ੍ਹਾਂ ਨੇ ਸਾਰੇ ਕਰਮਚਾਰੀਆਂ ਨੂੰ ਹਦਾਇਤ ਕੀਤੀ ਗਈ ਕਿ ਸਰਕਾਰ ਦੀਆਂ ਹਦਾਇਤਾਂ ਅਨੁਸਾਰ ਆਮ ਪਬਲਿਕ ਦੀਆਂ ਸ਼ਿਕਾਇਤਾਂ ਦਾ ਨਿਪਟਾਰਾ ਨਿੱਜੀ ਧਿਆਨ ਦੇ ਕੇ ਕੀਤਾ ਜਾਵੇ।
ਇੱਕ ਦਰਖਤ ਮਾਂ ਦੇ ਨਾਮ ਮੁਹਿੰਮ ਦੇ ਤਹਿਤ ਬੂਟੇ ਲਗਾਏ
ਐਸ ਏ ਐਸ ਨਗਰ, 12 ਜੁਲਾਈ
(ਪੈਗ਼ਾਮ-ਏ-ਜਗਤ)
ਟੀ ਡੀ ਆਈ ਸਿਟੀ ਸੈਕਟਰ 110 - 111 ਵਿੱਚ 'ਇੱਕ ਦਰਖਤ ਮਾਂ ਦੇ ਨਾਮ' ਮੁਹਿੰਮ ਦੇ ਤਹਿਤ ਬੂਟੇ ਲਗਾਏ ਗਏ।
ਇਸ ਸਬੰਧੀ ਜਾਣਕਾਰੀ ਦਿੰਦਿਆਂ ਹਰਿਆਵਲ ਪੰਜਾਬ ਦੇ ਬਿਜਨੈਸ ਜੱਗੀ ਨੇ ਦੱਸਿਆ ਕਿ ਇਸ ਮੌਕੇ ਹਰਿਆਵਲ ਪੰਜਾਬ ਵਲੋਂ ਬਾਬਾਵਰੀ ਨੂੰ 15 ਬੂਟੇ ਦਿੱਤੇ ਗਏ ਜਿਹਨਾਂ ਨੂੰ ਬਾਅਦ ਵਿੱਚ ਵਾਸਨਾਂ ਵੱਲੋਂ ਇਹ ਬੂਟੇ ਲਗਾਉਣ ਵਿੱਚ ਸਹਿਯੋਗ ਵੀ ਕੀਤਾ ਗਿਆ। ਇਹਨਾਂ ਬੂਟਿਆਂ ਵਿੱਚ ਝੂਸ - ਚੰਨ, ਗੁਲਮੋਹਰ ਤਾਨ, ਸ਼ੀਸ਼ਮ, ਜਾਮੁਨ, ਗੁਲਾਬ, ਸੁਹਾਂਜਨਾ ਅਤੇ ਫੁੱਲਰ ਦੇ ਬੂਟੇ ਸ਼ਾਮਿਲ ਸਨ।
ਉਹਨਾਂ ਦੱਸਿਆ ਕਿ ਬੂਟੇ ਲਗਾਉਣ ਦੀ ਮੁਹਿੰਮ ਵਿੱਚ ਰਮਨੀਕ ਸਿੰਘ ਐਡਵੋਕੇਟ, ਸੁਦੇਸ਼ ਭਾਰਦਵਾਜ, ਪੂਨਮ ਸ਼ਰਮਾ, ਨੇਹਾ ਗੁਪਤਾ,
ਅਸ਼ੋਕ ਰਾਣੀ, ਨਿਰਮਲ ਢੱਡਾ, ਰਿੱਕੂ ਠਾਕੁਰ ਸ਼ਾਮਿਲ ਹੋਏ ਅਤੇ ਸਭ ਨੇ ਸਾਰਿਆਂ ਨੂੰ
ਲਗਾਏ ਬੂਟਿਆਂ ਦੀ ਸਾਂਭ ਸੰਭਾਲ ਦਾ ਵੀ ਸੰਕਲਪ ਲਿਆ।
ਸੰਪਾਦਕ-ਦਵਿੰਦਰ ਕੁਮਾਰ ਨੇ ਪ੍ਰਿੰਟਰ, ਇੰਪ੍ਰੈਸ਼ਨ ਪ੍ਰਿੰਟਿੰਗ ਅਤੇ ਪੈਕਿੰਗ ਲਿਮਿਟਿਡ, ਪਲਾਟ 22 ਅਤੇ 49 ਜੀਐਫ, ਇੰਡਸਟਰੀ ਏਰੀਆ, ਫੇਜ਼-2 ਪੰਚਕੂਲਾ (ਹਰਿਆਣਾ) ਤੋਂ ਪ੍ਰਕਾਸ਼ਿਤ	Title code : CHAMUL00914
Editor-Davinder Kumar printed at Impression Printing & Packaging Ltd.Plot 22 & 49GF, Industrial Area, Phase-2 Panchkula(Haryana)-134115
